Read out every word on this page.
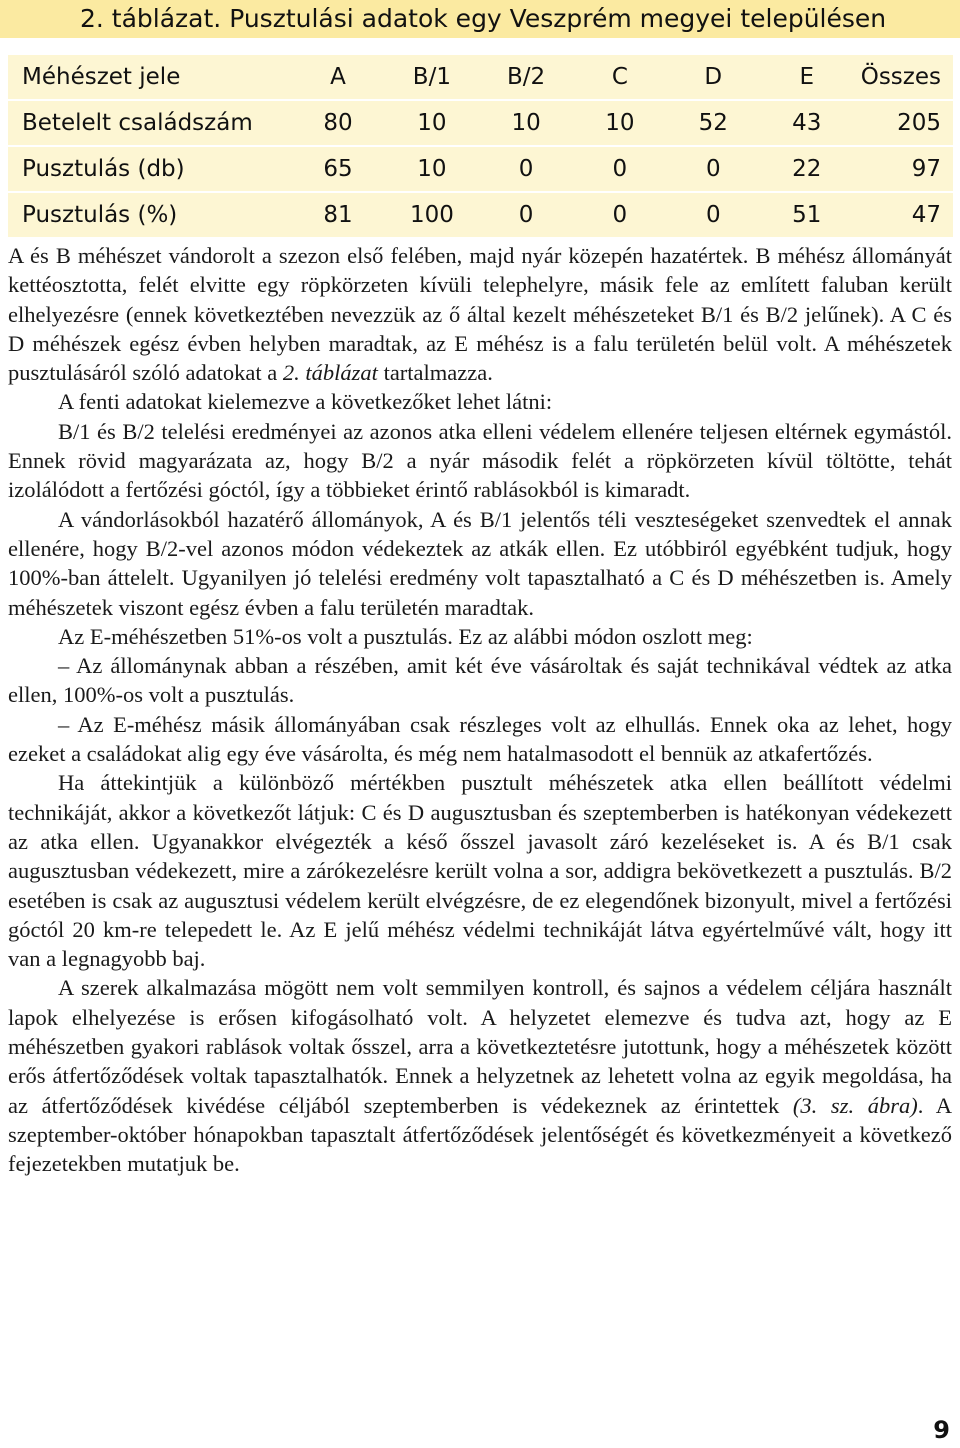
2. táblázat. Pusztulási adatok egy Veszprém megyei településen
Méhészet jele	A	B/1	B/2	C	D	E	Összes
Betelelt családszám	80	10	10	10	52	43	205
Pusztulás (db)	65	10	0	0	0	22	97
Pusztulás (%)	81	100	0	0	0	51	47

A és B méhészet vándorolt a szezon első felében, majd nyár közepén hazatértek. B méhész állományát kettéosztotta, felét elvitte egy röpkörzeten kívüli telephelyre, másik fele az említett faluban került elhelyezésre (ennek következtében nevezzük az ő által kezelt méhészeteket B/1 és B/2 jelűnek). A C és D méhészek egész évben helyben maradtak, az E méhész is a falu területén belül volt. A méhészetek pusztulásáról szóló adatokat a 2. táblázat tartalmazza.

A fenti adatokat kielemezve a következőket lehet látni:

B/1 és B/2 telelési eredményei az azonos atka elleni védelem ellenére teljesen eltérnek egymástól. Ennek rövid magyarázata az, hogy B/2 a nyár második felét a röpkörzeten kívül töltötte, tehát izolálódott a fertőzési góctól, így a többieket érintő rablásokból is kimaradt.

A vándorlásokból hazatérő állományok, A és B/1 jelentős téli veszteségeket szenvedtek el annak ellenére, hogy B/2-vel azonos módon védekeztek az atkák ellen. Ez utóbbiról egyébként tudjuk, hogy 100%-ban áttelelt. Ugyanilyen jó telelési eredmény volt tapasztalható a C és D méhészetben is. Amely méhészetek viszont egész évben a falu területén maradtak.

Az E-méhészetben 51%-os volt a pusztulás. Ez az alábbi módon oszlott meg:

– Az állománynak abban a részében, amit két éve vásároltak és saját technikával védtek az atka ellen, 100%-os volt a pusztulás.

– Az E-méhész másik állományában csak részleges volt az elhullás. Ennek oka az lehet, hogy ezeket a családokat alig egy éve vásárolta, és még nem hatalmasodott el bennük az atkafertőzés.

Ha áttekintjük a különböző mértékben pusztult méhészetek atka ellen beállított védelmi technikáját, akkor a következőt látjuk: C és D augusztusban és szeptemberben is hatékonyan védekezett az atka ellen. Ugyanakkor elvégezték a késő ősszel javasolt záró kezeléseket is. A és B/1 csak augusztusban védekezett, mire a zárókezelésre került volna a sor, addigra bekövetkezett a pusztulás. B/2 esetében is csak az augusztusi védelem került elvégzésre, de ez elegendőnek bizonyult, mivel a fertőzési góctól 20 km-re telepedett le. Az E jelű méhész védelmi technikáját látva egyértelművé vált, hogy itt van a legnagyobb baj.

A szerek alkalmazása mögött nem volt semmilyen kontroll, és sajnos a védelem céljára használt lapok elhelyezése is erősen kifogásolható volt. A helyzetet elemezve és tudva azt, hogy az E méhészetben gyakori rablások voltak ősszel, arra a következtetésre jutottunk, hogy a méhészetek között erős átfertőződések voltak tapasztalhatók. Ennek a helyzetnek az lehetett volna az egyik megoldása, ha az átfertőződések kivédése céljából szeptemberben is védekeznek az érintettek (3. sz. ábra). A szeptember-október hónapokban tapasztalt átfertőződések jelentőségét és következményeit a következő fejezetekben mutatjuk be.

9
